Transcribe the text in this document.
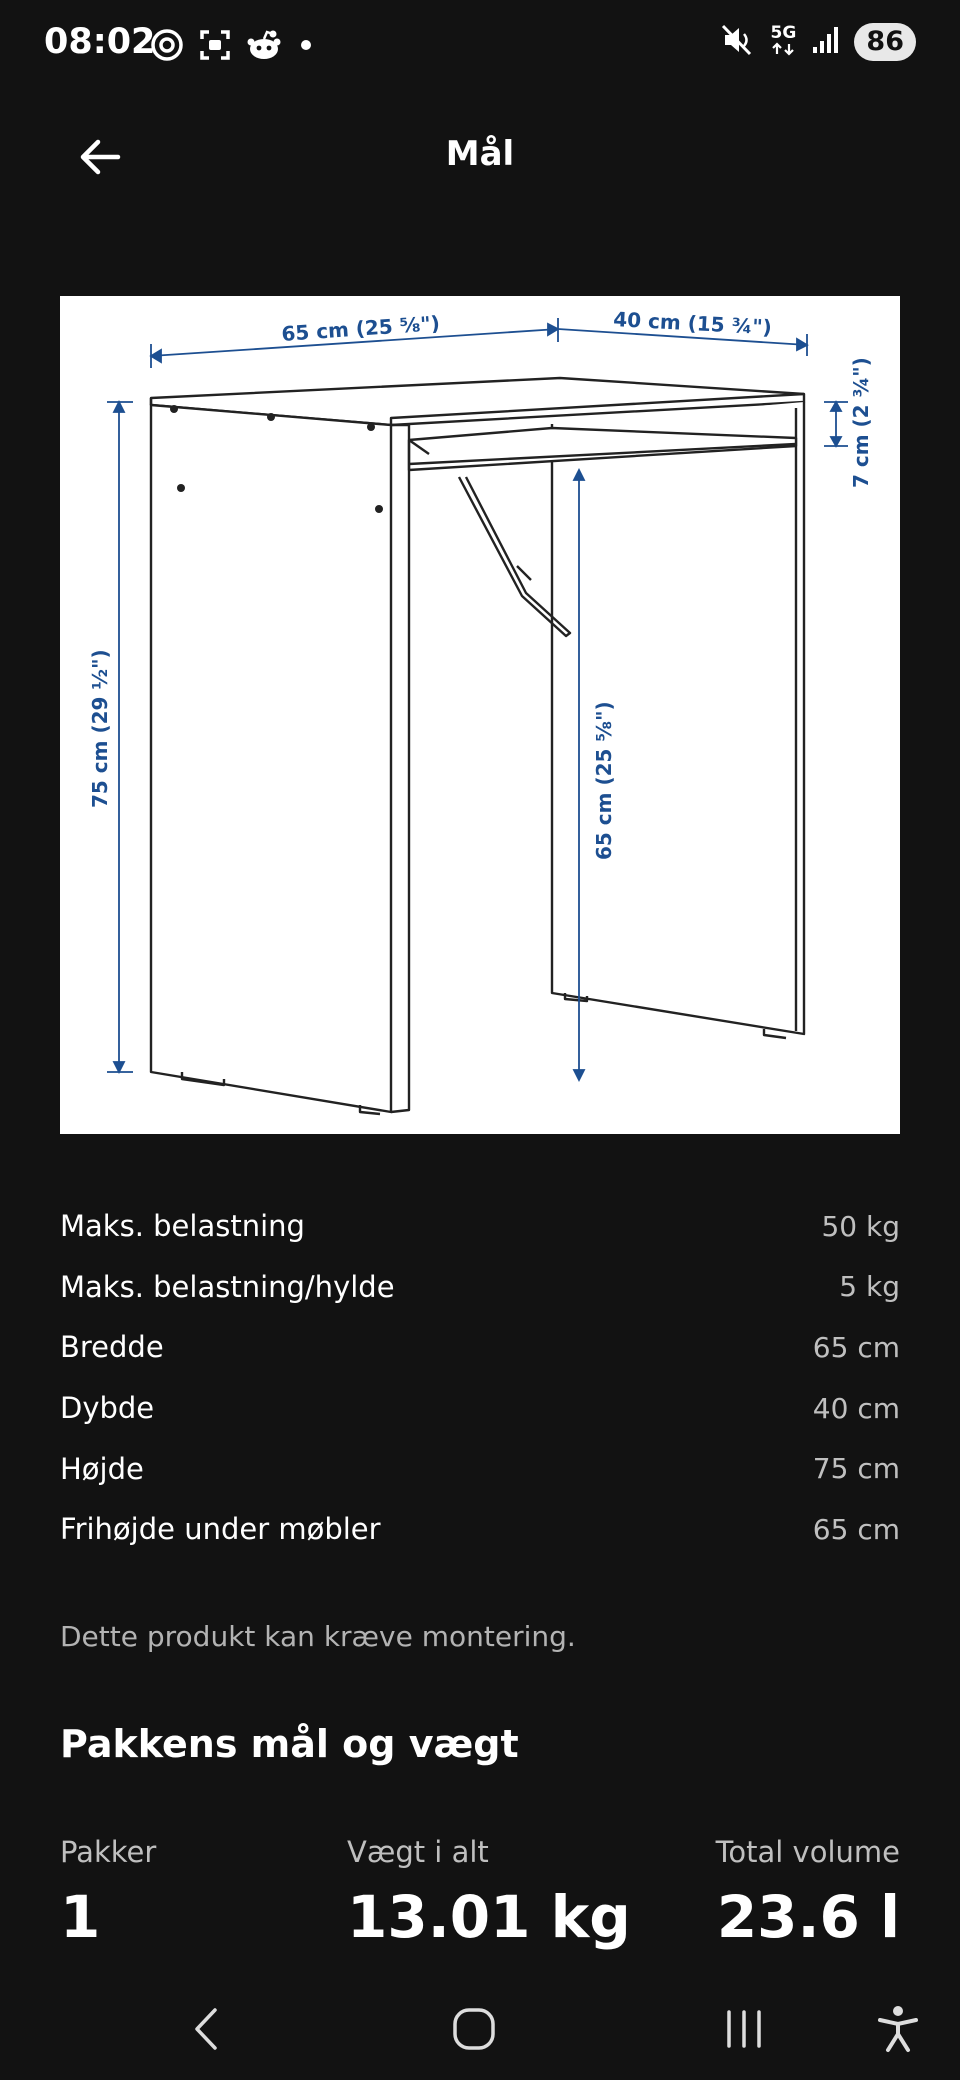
08:02	5G	86
Mål
65 cm (25 ⅝")	40 cm (15 ¾")
75 cm (29 ½")
7 cm (2 ¾")
65 cm (25 ⅝")
Maks. belastning	50 kg
Maks. belastning/hylde	5 kg
Bredde	65 cm
Dybde	40 cm
Højde	75 cm
Frihøjde under møbler	65 cm
Dette produkt kan kræve montering.
Pakkens mål og vægt
Pakker
1
Vægt i alt
13.01 kg
Total volume
23.6 l
